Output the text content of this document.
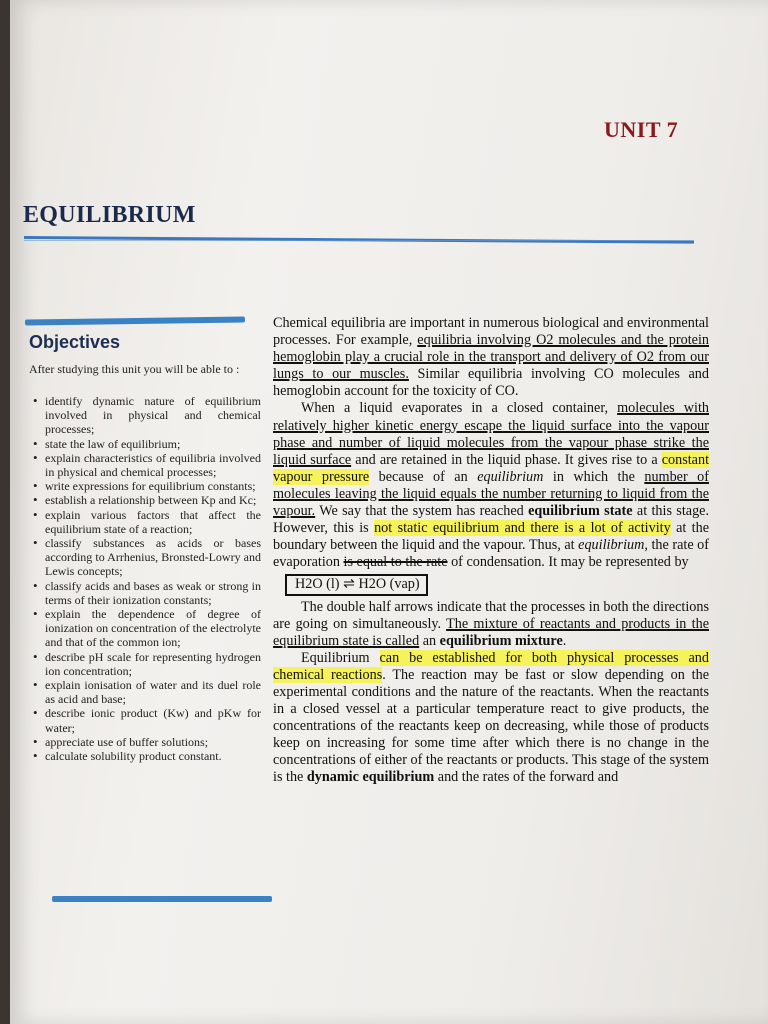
UNIT 7
EQUILIBRIUM
Objectives
After studying this unit you will be able to :
• identify dynamic nature of equilibrium involved in physical and chemical processes;
• state the law of equilibrium;
• explain characteristics of equilibria involved in physical and chemical processes;
• write expressions for equilibrium constants;
• establish a relationship between Kp and Kc;
• explain various factors that affect the equilibrium state of a reaction;
• classify substances as acids or bases according to Arrhenius, Bronsted-Lowry and Lewis concepts;
• classify acids and bases as weak or strong in terms of their ionization constants;
• explain the dependence of degree of ionization on concentration of the electrolyte and that of the common ion;
• describe pH scale for representing hydrogen ion concentration;
• explain ionisation of water and its duel role as acid and base;
• describe ionic product (Kw) and pKw for water;
• appreciate use of buffer solutions;
• calculate solubility product constant.

Chemical equilibria are important in numerous biological and environmental processes. For example, equilibria involving O2 molecules and the protein hemoglobin play a crucial role in the transport and delivery of O2 from our lungs to our muscles. Similar equilibria involving CO molecules and hemoglobin account for the toxicity of CO.

When a liquid evaporates in a closed container, molecules with relatively higher kinetic energy escape the liquid surface into the vapour phase and number of liquid molecules from the vapour phase strike the liquid surface and are retained in the liquid phase. It gives rise to a constant vapour pressure because of an equilibrium in which the number of molecules leaving the liquid equals the number returning to liquid from the vapour. We say that the system has reached equilibrium state at this stage. However, this is not static equilibrium and there is a lot of activity at the boundary between the liquid and the vapour. Thus, at equilibrium, the rate of evaporation is equal to the rate of condensation. It may be represented by

H2O (l) ⇌ H2O (vap)

The double half arrows indicate that the processes in both the directions are going on simultaneously. The mixture of reactants and products in the equilibrium state is called an equilibrium mixture.

Equilibrium can be established for both physical processes and chemical reactions. The reaction may be fast or slow depending on the experimental conditions and the nature of the reactants. When the reactants in a closed vessel at a particular temperature react to give products, the concentrations of the reactants keep on decreasing, while those of products keep on increasing for some time after which there is no change in the concentrations of either of the reactants or products. This stage of the system is the dynamic equilibrium and the rates of the forward and
